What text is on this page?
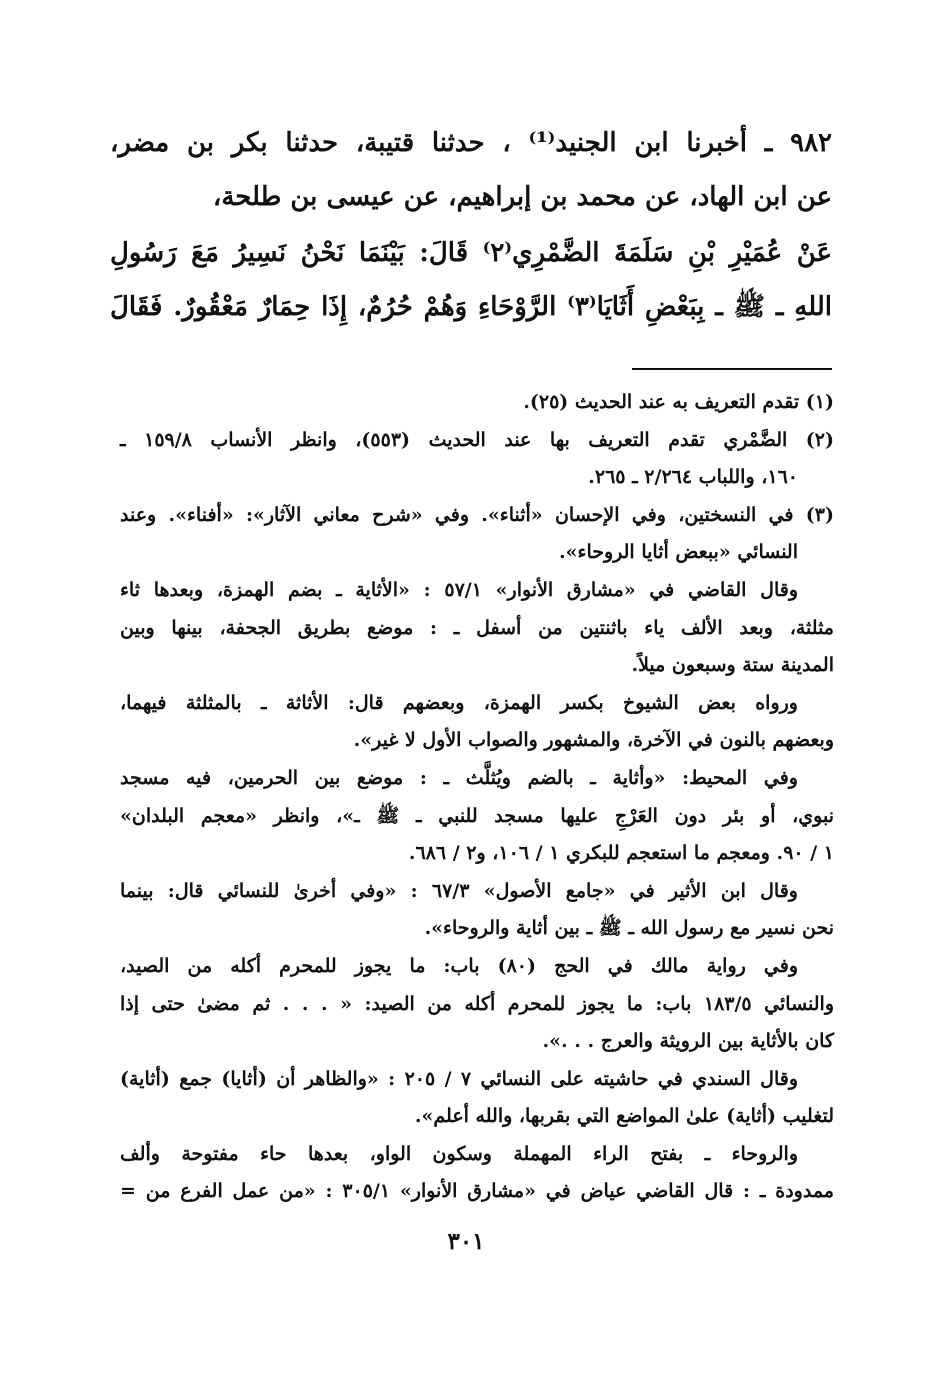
٩٨٢ ـ أخبرنا ابن الجنيد⁽¹⁾ ، حدثنا قتيبة، حدثنا بكر بن مضر،
عن ابن الهاد، عن محمد بن إبراهيم، عن عيسى بن طلحة،
عَنْ عُمَيْرِ بْنِ سَلَمَةَ الضَّمْرِي⁽٢⁾ قَالَ: بَيْنَمَا نَحْنُ نَسِيرُ مَعَ رَسُولِ
اللهِ ـ ﷺ ـ بِبَعْضِ أَثَايَا⁽٣⁾ الرَّوْحَاءِ وَهُمْ حُرُمٌ، إِذَا حِمَارٌ مَعْقُورٌ. فَقَالَ
(١) تقدم التعريف به عند الحديث (٢٥).
(٢) الضَّمْري تقدم التعريف بها عند الحديث (٥٥٣)، وانظر الأنساب ١٥٩/٨ ـ
١٦٠، واللباب ٢/٢٦٤ ـ ٢٦٥.
(٣) في النسختين، وفي الإحسان «أثناء». وفي «شرح معاني الآثار»: «أفناء». وعند
النسائي «ببعض أثايا الروحاء».
وقال القاضي في «مشارق الأنوار» ٥٧/١ : «الأثاية ـ بضم الهمزة، وبعدها ثاء
مثلثة، وبعد الألف ياء باثنتين من أسفل ـ : موضع بطريق الجحفة، بينها وبين
المدينة ستة وسبعون ميلاً.
ورواه بعض الشيوخ بكسر الهمزة، وبعضهم قال: الأثاثة ـ بالمثلثة فيهما،
وبعضهم بالنون في الآخرة، والمشهور والصواب الأول لا غير».
وفي المحيط: «وأثاية ـ بالضم ويُثلَّث ـ : موضع بين الحرمين، فيه مسجد
نبوي، أو بئر دون العَرْجِ عليها مسجد للنبي ـ ﷺ ـ»، وانظر «معجم البلدان»
١ / ٩٠. ومعجم ما استعجم للبكري ١ / ١٠٦، و٢ / ٦٨٦.
وقال ابن الأثير في «جامع الأصول» ٦٧/٣ : «وفي أخرىٰ للنسائي قال: بينما
نحن نسير مع رسول الله ـ ﷺ ـ بين أثاية والروحاء».
وفي رواية مالك في الحج (٨٠) باب: ما يجوز للمحرم أكله من الصيد،
والنسائي ١٨٣/٥ باب: ما يجوز للمحرم أكله من الصيد: « . . . ثم مضىٰ حتى إذا
كان بالأثاية بين الرويثة والعرج . . .».
وقال السندي في حاشيته على النسائي ٧ / ٢٠٥ : «والظاهر أن (أثايا) جمع (أثاية)
لتغليب (أثاية) علىٰ المواضع التي بقربها، والله أعلم».
والروحاء ـ بفتح الراء المهملة وسكون الواو، بعدها حاء مفتوحة وألف
ممدودة ـ : قال القاضي عياض في «مشارق الأنوار» ٣٠٥/١ : «من عمل الفرع من =
٣٠١
